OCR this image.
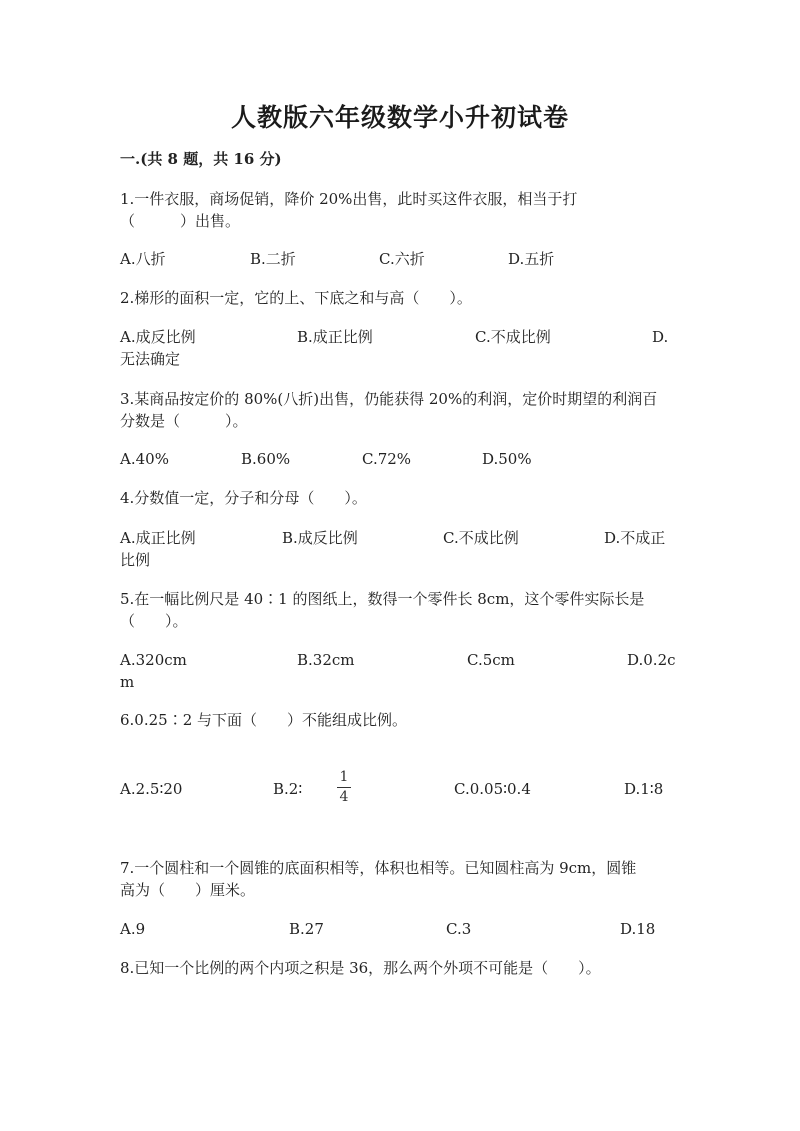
人教版六年级数学小升初试卷
一.(共 8 题，共 16 分)
1.一件衣服，商场促销，降价 20%出售，此时买这件衣服，相当于打
（　　　）出售。
A.八折	B.二折	C.六折	D.五折
2.梯形的面积一定，它的上、下底之和与高（　　）。
A.成反比例	B.成正比例	C.不成比例	D.
无法确定
3.某商品按定价的 80%(八折)出售，仍能获得 20%的利润，定价时期望的利润百
分数是（　　　）。
A.40%	B.60%	C.72%	D.50%
4.分数值一定，分子和分母（　　）。
A.成正比例	B.成反比例	C.不成比例	D.不成正
比例
5.在一幅比例尺是 40∶1 的图纸上，数得一个零件长 8cm，这个零件实际长是
（　　）。
A.320cm	B.32cm	C.5cm	D.0.2c
m
6.0.25∶2 与下面（　　）不能组成比例。
A.2.5∶20	B.2∶
1
4	C.0.05∶0.4	D.1∶8
7.一个圆柱和一个圆锥的底面积相等，体积也相等。已知圆柱高为 9cm，圆锥
高为（　　）厘米。
A.9	B.27	C.3	D.18
8.已知一个比例的两个内项之积是 36，那么两个外项不可能是（　　）。
